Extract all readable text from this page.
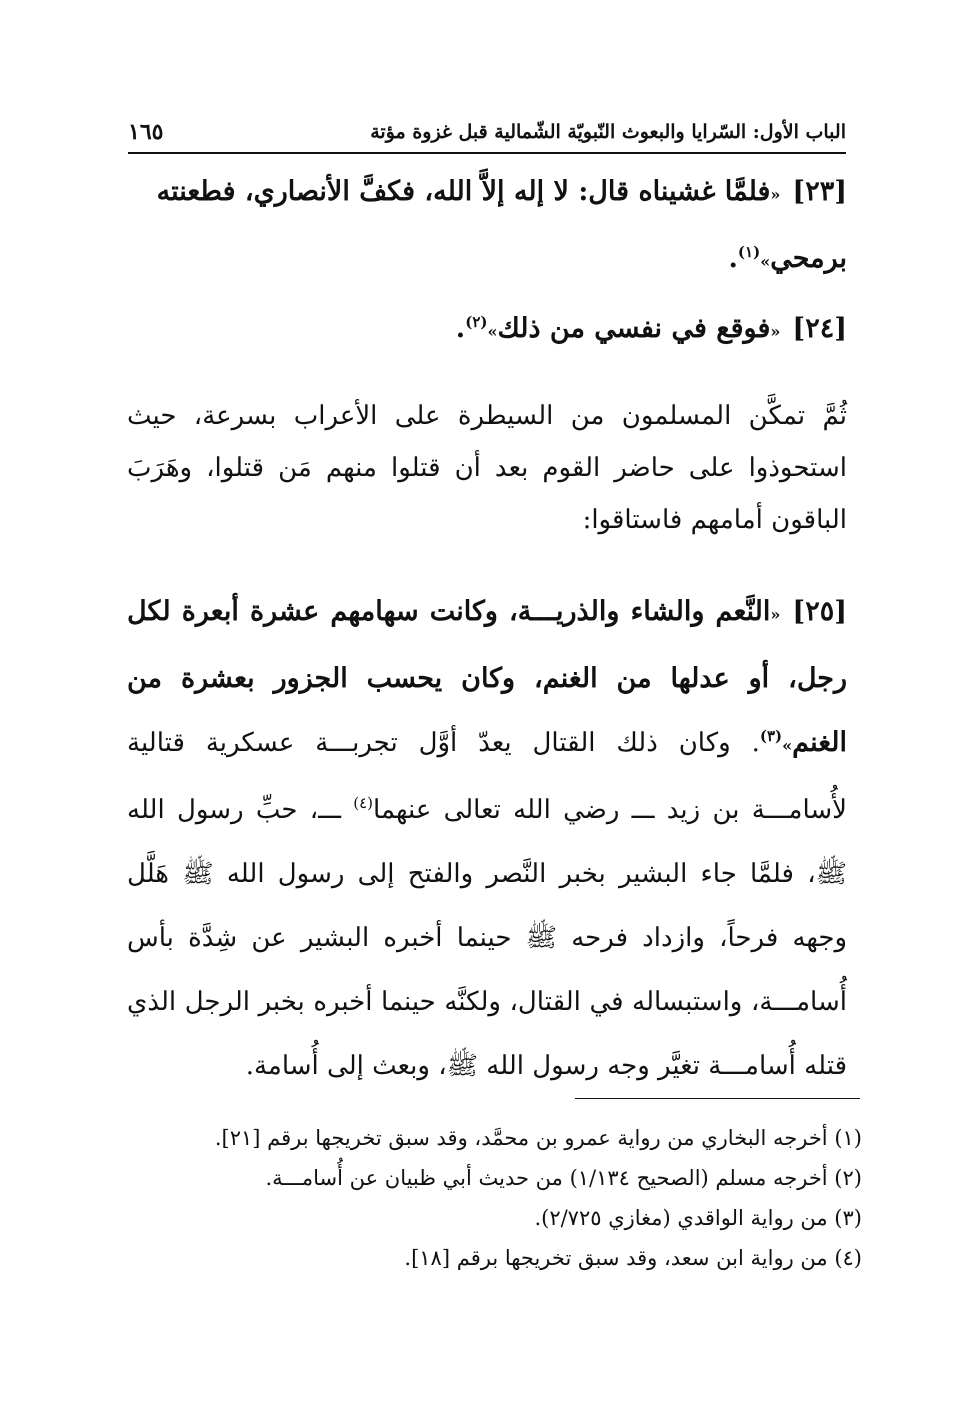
الباب الأول: السّرايا والبعوث النّبويّة الشّمالية قبل غزوة مؤتة
١٦٥
[٢٣]«فلمَّا غشيناه قال: لا إله إلاَّ الله، فكفَّ الأنصاري، فطعنته برمحي»$^{(١)}$.
[٢٤]«فوقع في نفسي من ذلك»$^{(٢)}$.
ثُمَّ تمكَّن المسلمون من السيطرة على الأعراب بسرعة، حيث استحوذوا على حاضر القوم بعد أن قتلوا منهم مَن قتلوا، وهَرَبَ الباقون أمامهم فاستاقوا:
[٢٥]«النَّعم والشاء والذريـــة، وكانت سهامهم عشرة أبعرة لكل رجل، أو عدلها من الغنم، وكان يحسب الجزور بعشرة من الغنم»$^{(٣)}$. وكان ذلك القتال يعدّ أوَّل تجربـــة عسكرية قتالية لأُسامـــة بن زيد ـــ رضي الله تعالى عنهما$^{(٤)}$ ـــ، حبِّ رسول الله ﷺ، فلمَّا جاء البشير بخبر النَّصر والفتح إلى رسول الله ﷺ هَلَّل وجهه فرحاً، وازداد فرحه ﷺ حينما أخبره البشير عن شِدَّة بأس أُسامـــة، واستبساله في القتال، ولكنَّه حينما أخبره بخبر الرجل الذي قتله أُسامـــة تغيَّر وجه رسول الله ﷺ، وبعث إلى أُسامة.
(١) أخرجه البخاري من رواية عمرو بن محمَّد، وقد سبق تخريجها برقم [٢١].
(٢) أخرجه مسلم (الصحيح ١/١٣٤) من حديث أبي ظبيان عن أُسامـــة.
(٣) من رواية الواقدي (مغازي ٢/٧٢٥).
(٤) من رواية ابن سعد، وقد سبق تخريجها برقم [١٨].
